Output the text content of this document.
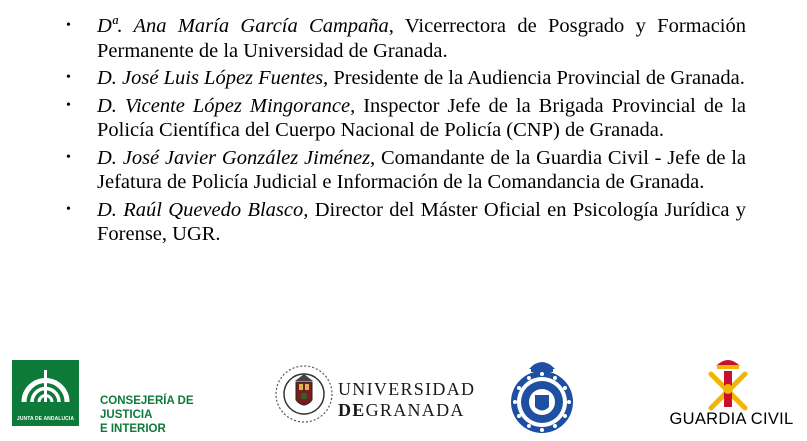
• Dª. Ana María García Campaña, Vicerrectora de Posgrado y Formación Permanente de la Universidad de Granada.
• D. José Luis López Fuentes, Presidente de la Audiencia Provincial de Granada.
• D. Vicente López Mingorance, Inspector Jefe de la Brigada Provincial de la Policía Científica del Cuerpo Nacional de Policía (CNP) de Granada.
• D. José Javier González Jiménez, Comandante de la Guardia Civil - Jefe de la Jefatura de Policía Judicial e Información de la Comandancia de Granada.
• D. Raúl Quevedo Blasco, Director del Máster Oficial en Psicología Jurídica y Forense, UGR.
JUNTA DE ANDALUCIA
CONSEJERÍA DE JUSTICIA
E INTERIOR
UNIVERSIDAD
DEGRANADA	GUARDIA CIVIL
